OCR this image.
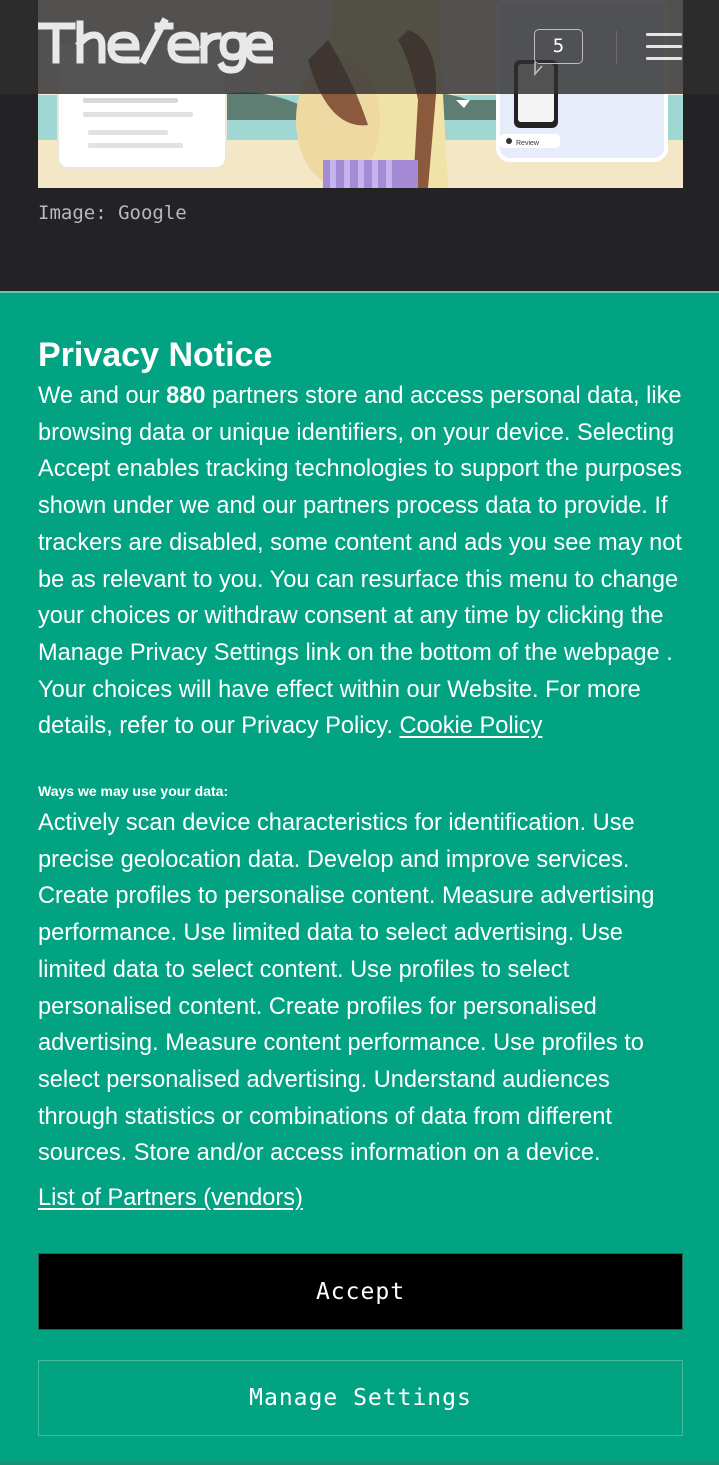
Review
Image: Google
5
Privacy Notice

We and our 880 partners store and access personal data, like browsing data or unique identifiers, on your device. Selecting Accept enables tracking technologies to support the purposes shown under we and our partners process data to provide. If trackers are disabled, some content and ads you see may not be as relevant to you. You can resurface this menu to change your choices or withdraw consent at any time by clicking the Manage Privacy Settings link on the bottom of the webpage . Your choices will have effect within our Website. For more details, refer to our Privacy Policy. Cookie Policy

Ways we may use your data:

Actively scan device characteristics for identification. Use precise geolocation data. Develop and improve services. Create profiles to personalise content. Measure advertising performance. Use limited data to select advertising. Use limited data to select content. Use profiles to select personalised content. Create profiles for personalised advertising. Measure content performance. Use profiles to select personalised advertising. Understand audiences through statistics or combinations of data from different sources. Store and/or access information on a device.

List of Partners (vendors)
Accept
Manage Settings
